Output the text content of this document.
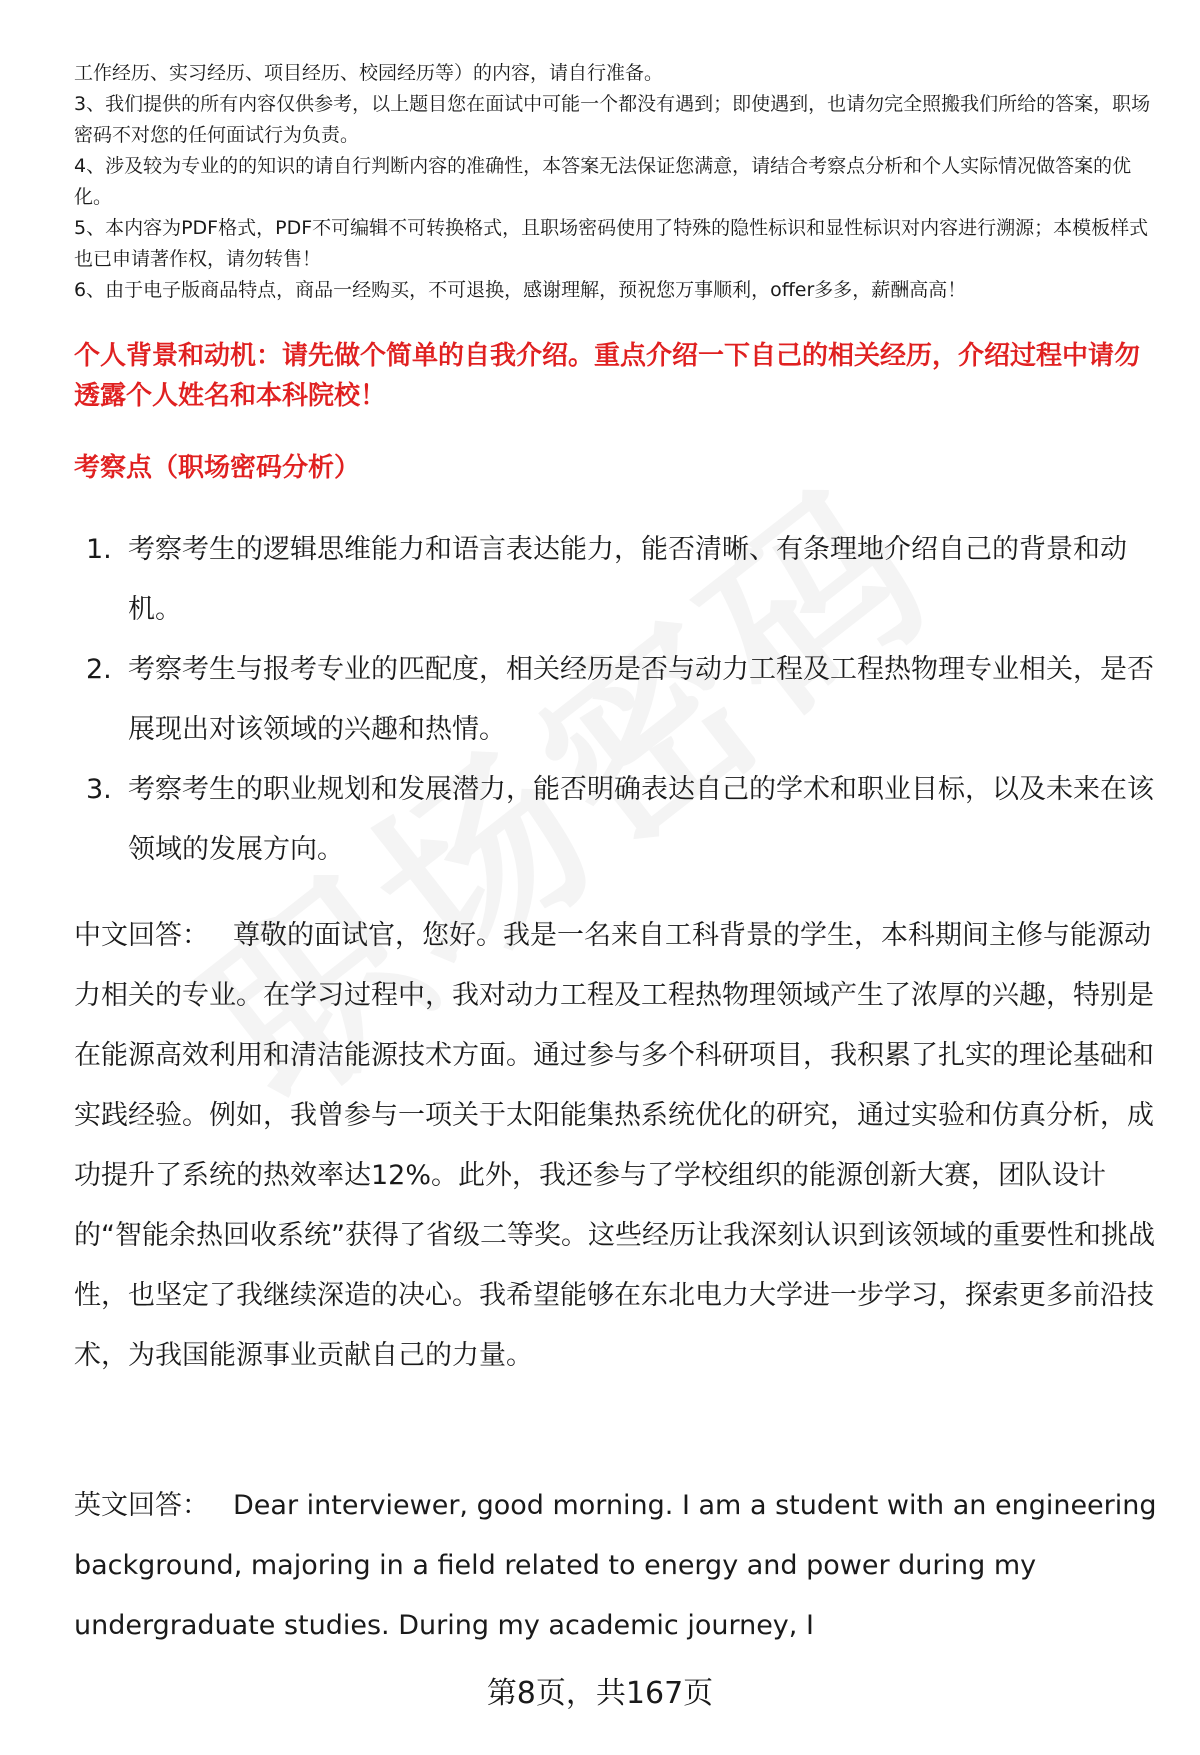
工作经历、实习经历、项目经历、校园经历等）的内容，请自行准备。

3、我们提供的所有内容仅供参考，以上题目您在面试中可能一个都没有遇到；即使遇到，也请勿完全照搬我们所给的答案，职场密码不对您的任何面试行为负责。

4、涉及较为专业的的知识的请自行判断内容的准确性，本答案无法保证您满意，请结合考察点分析和个人实际情况做答案的优化。

5、本内容为PDF格式，PDF不可编辑不可转换格式，且职场密码使用了特殊的隐性标识和显性标识对内容进行溯源；本模板样式也已申请著作权，请勿转售！

6、由于电子版商品特点，商品一经购买，不可退换，感谢理解，预祝您万事顺利，offer多多，薪酬高高！

个人背景和动机：请先做个简单的自我介绍。重点介绍一下自己的相关经历，介绍过程中请勿透露个人姓名和本科院校！
考察点（职场密码分析）
1. 考察考生的逻辑思维能力和语言表达能力，能否清晰、有条理地介绍自己的背景和动机。
2. 考察考生与报考专业的匹配度，相关经历是否与动力工程及工程热物理专业相关，是否展现出对该领域的兴趣和热情。
3. 考察考生的职业规划和发展潜力，能否明确表达自己的学术和职业目标，以及未来在该领域的发展方向。

中文回答： 尊敬的面试官，您好。我是一名来自工科背景的学生，本科期间主修与能源动力相关的专业。在学习过程中，我对动力工程及工程热物理领域产生了浓厚的兴趣，特别是在能源高效利用和清洁能源技术方面。通过参与多个科研项目，我积累了扎实的理论基础和实践经验。例如，我曾参与一项关于太阳能集热系统优化的研究，通过实验和仿真分析，成功提升了系统的热效率达12%。此外，我还参与了学校组织的能源创新大赛，团队设计的“智能余热回收系统”获得了省级二等奖。这些经历让我深刻认识到该领域的重要性和挑战性，也坚定了我继续深造的决心。我希望能够在东北电力大学进一步学习，探索更多前沿技术，为我国能源事业贡献自己的力量。

英文回答： Dear interviewer, good morning. I am a student with an engineering background, majoring in a field related to energy and power during my undergraduate studies. During my academic journey, I

第8页，共167页
